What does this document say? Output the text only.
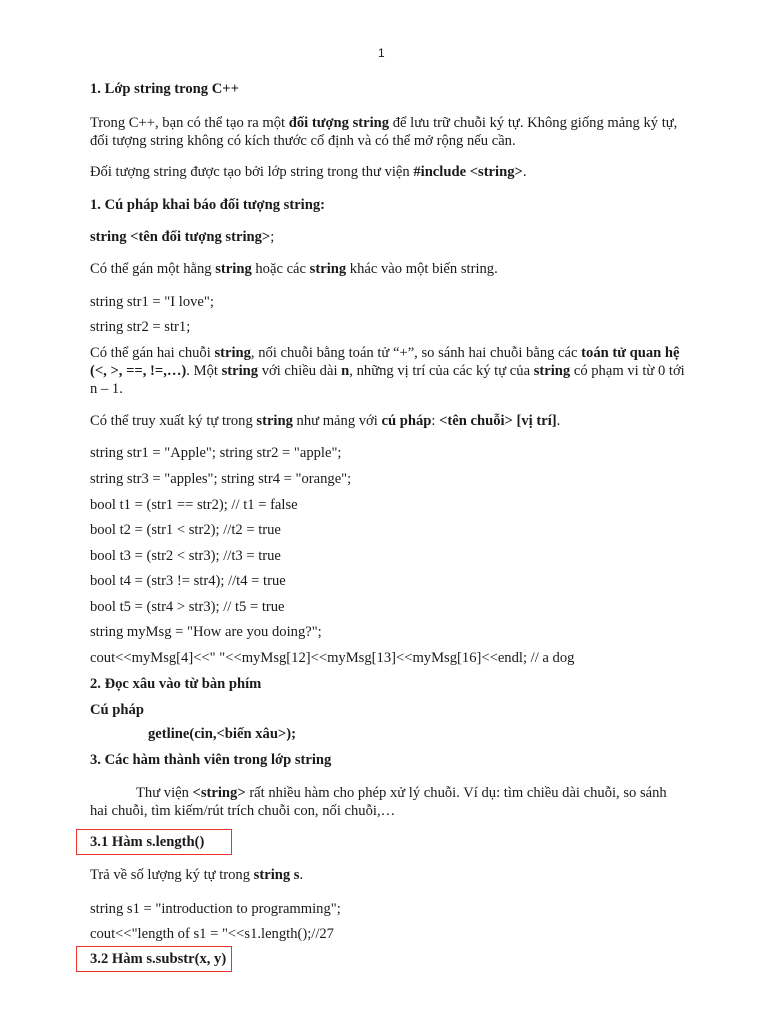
1
1. Lớp string trong C++
Trong C++, bạn có thể tạo ra một đối tượng string để lưu trữ chuỗi ký tự. Không giống mảng ký tự, đối tượng string không có kích thước cố định và có thể mở rộng nếu cần.
Đối tượng string được tạo bởi lớp string trong thư viện #include <string>.
1. Cú pháp khai báo đối tượng string:
string <tên đối tượng string>;
Có thể gán một hằng string hoặc các string khác vào một biến string.
string str1 = "I love";
string str2 = str1;
Có thể gán hai chuỗi string, nối chuỗi bằng toán tử “+”, so sánh hai chuỗi bằng các toán tử quan hệ (<, >, ==, !=,…). Một string với chiều dài n, những vị trí của các ký tự của string có phạm vi từ 0 tới n – 1.
Có thể truy xuất ký tự trong string như mảng với cú pháp: <tên chuỗi> [vị trí].
string str1 = "Apple"; string str2 = "apple";
string str3 = "apples"; string str4 = "orange";
bool t1 = (str1 == str2); // t1 = false
bool t2 = (str1 < str2); //t2 = true
bool t3 = (str2 < str3); //t3 = true
bool t4 = (str3 != str4); //t4 = true
bool t5 = (str4 > str3); // t5 = true
string myMsg = "How are you doing?";
cout<<myMsg[4]<<" "<<myMsg[12]<<myMsg[13]<<myMsg[16]<<endl; // a dog
2. Đọc xâu vào từ bàn phím
Cú pháp
getline(cin,<biến xâu>);
3. Các hàm thành viên trong lớp string
Thư viện <string> rất nhiều hàm cho phép xử lý chuỗi. Ví dụ: tìm chiều dài chuỗi, so sánh hai chuỗi, tìm kiếm/rút trích chuỗi con, nối chuỗi,…
3.1 Hàm s.length()
Trả về số lượng ký tự trong string s.
string s1 = "introduction to programming";
cout<<"length of s1 = "<<s1.length();//27
3.2 Hàm s.substr(x, y)
